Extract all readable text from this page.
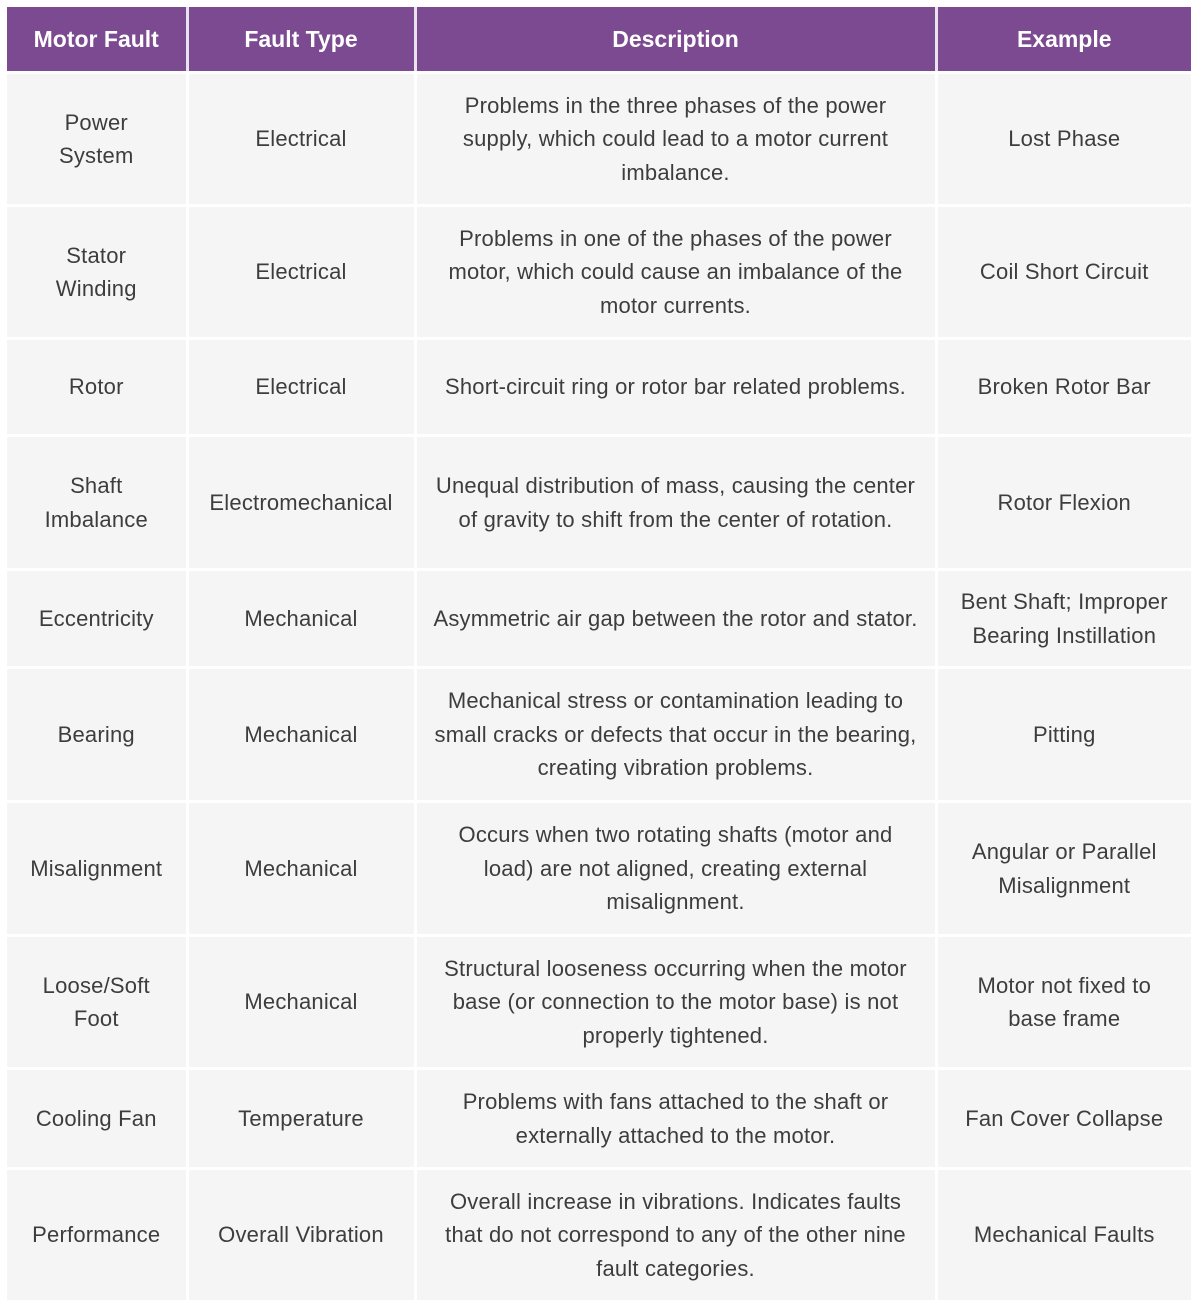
Motor Fault	Fault Type	Description	Example
Power System	Electrical	Problems in the three phases of the power supply, which could lead to a motor current imbalance.	Lost Phase
Stator Winding	Electrical	Problems in one of the phases of the power motor, which could cause an imbalance of the motor currents.	Coil Short Circuit
Rotor	Electrical	Short-circuit ring or rotor bar related problems.	Broken Rotor Bar
Shaft Imbalance	Electromechanical	Unequal distribution of mass, causing the center of gravity to shift from the center of rotation.	Rotor Flexion
Eccentricity	Mechanical	Asymmetric air gap between the rotor and stator.	Bent Shaft; Improper Bearing Instillation
Bearing	Mechanical	Mechanical stress or contamination leading to small cracks or defects that occur in the bearing, creating vibration problems.	Pitting
Misalignment	Mechanical	Occurs when two rotating shafts (motor and load) are not aligned, creating external misalignment.	Angular or Parallel Misalignment
Loose/Soft Foot	Mechanical	Structural looseness occurring when the motor base (or connection to the motor base) is not properly tightened.	Motor not fixed to base frame
Cooling Fan	Temperature	Problems with fans attached to the shaft or externally attached to the motor.	Fan Cover Collapse
Performance	Overall Vibration	Overall increase in vibrations. Indicates faults that do not correspond to any of the other nine fault categories.	Mechanical Faults
